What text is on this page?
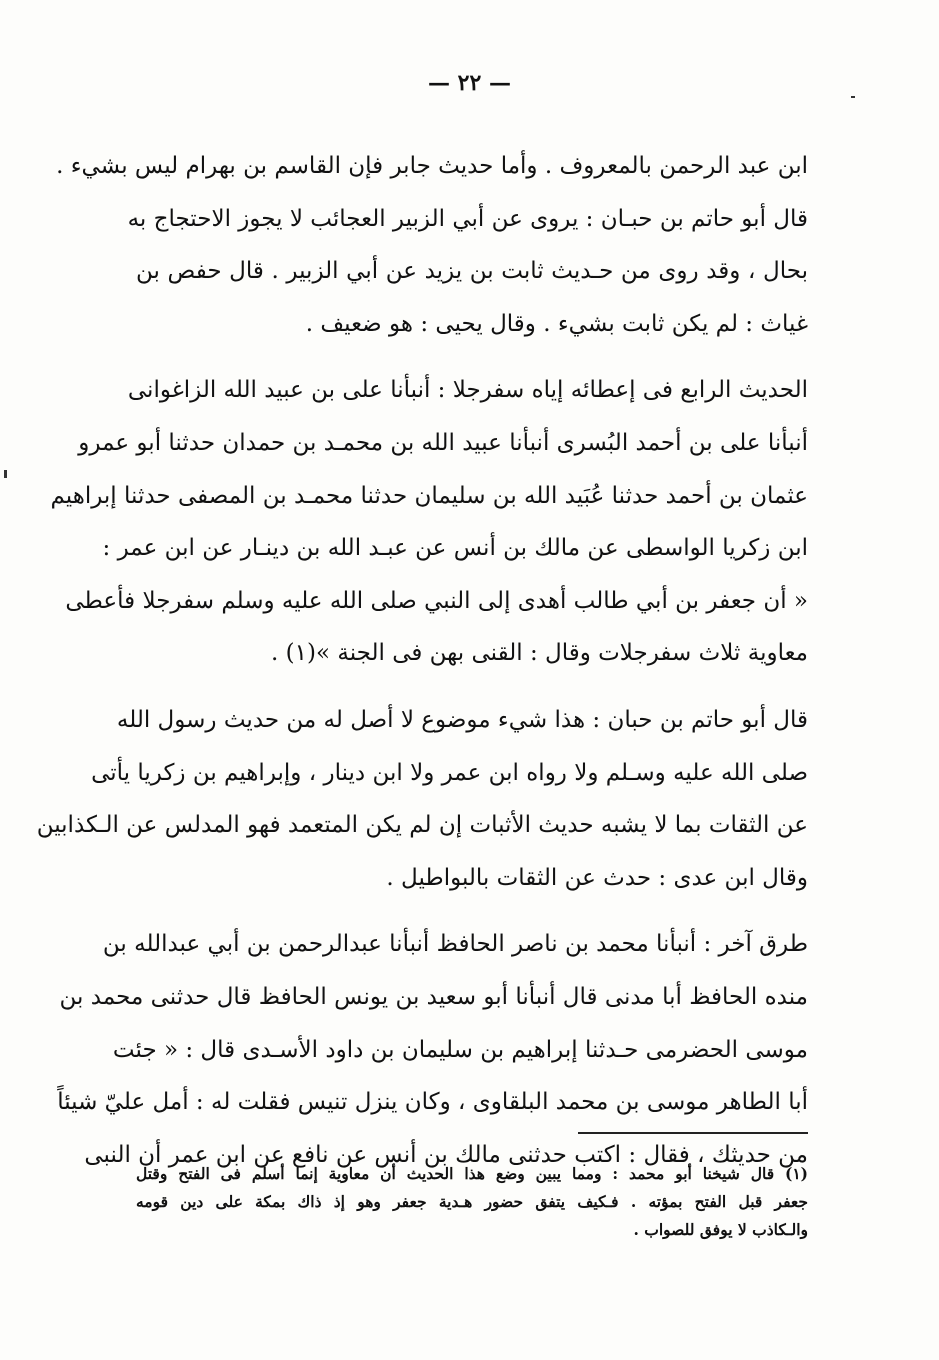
— ٢٢ —
ابن عبد الرحمن بالمعروف . وأما حديث جابر فإن القاسم بن بهرام ليس بشيء .
قال أبو حاتم بن حبـان : يروى عن أبي الزبير العجائب لا يجوز الاحتجاج به
بحال ، وقد روى من حـديث ثابت بن يزيد عن أبي الزبير . قال حفص بن
غياث : لم يكن ثابت بشيء . وقال يحيى : هو ضعيف .
الحديث الرابع فى إعطائه إياه سفرجلا : أنبأنا على بن عبيد الله الزاغوانى
أنبأنا على بن أحمد البُسرى أنبأنا عبيد الله بن محمـد بن حمدان حدثنا أبو عمرو
عثمان بن أحمد حدثنا عُبَيد الله بن سليمان حدثنا محمـد بن المصفى حدثنا إبراهيم
ابن زكريا الواسطى عن مالك بن أنس عن عبـد الله بن دينـار عن ابن عمر :
« أن جعفر بن أبي طالب أهدى إلى النبي صلى الله عليه وسلم سفرجلا فأعطى
معاوية ثلاث سفرجلات وقال : القنى بهن فى الجنة »(١) .
قال أبو حاتم بن حبان : هذا شيء موضوع لا أصل له من حديث رسول الله
صلى الله عليه وسـلم ولا رواه ابن عمر ولا ابن دينار ، وإبراهيم بن زكريا يأتى
عن الثقات بما لا يشبه حديث الأثبات إن لم يكن المتعمد فهو المدلس عن الـكذابين
وقال ابن عدى : حدث عن الثقات بالبواطيل .
طرق آخر : أنبأنا محمد بن ناصر الحافظ أنبأنا عبدالرحمن بن أبي عبدالله بن
منده الحافظ أبا مدنى قال أنبأنا أبو سعيد بن يونس الحافظ قال حدثنى محمد بن
موسى الحضرمى حـدثنا إبراهيم بن سليمان بن داود الأسـدى قال : « جئت
أبا الطاهر موسى بن محمد البلقاوى ، وكان ينزل تنيس فقلت له : أمل عليّ شيئاً
من حديثك ، فقال : اكتب حدثنى مالك بن أنس عن نافع عن ابن عمر أن النبى
(١) قال شيخنا أبو محمد : ومما يبين وضع هذا الحديث أن معاوية إنما أسلم فى الفتح وقتل
جعفر قبل الفتح بمؤته . فـكيف يتفق حضور هـدية جعفر وهو إذ ذاك بمكة على دين قومه
والـكاذب لا يوفق للصواب .
